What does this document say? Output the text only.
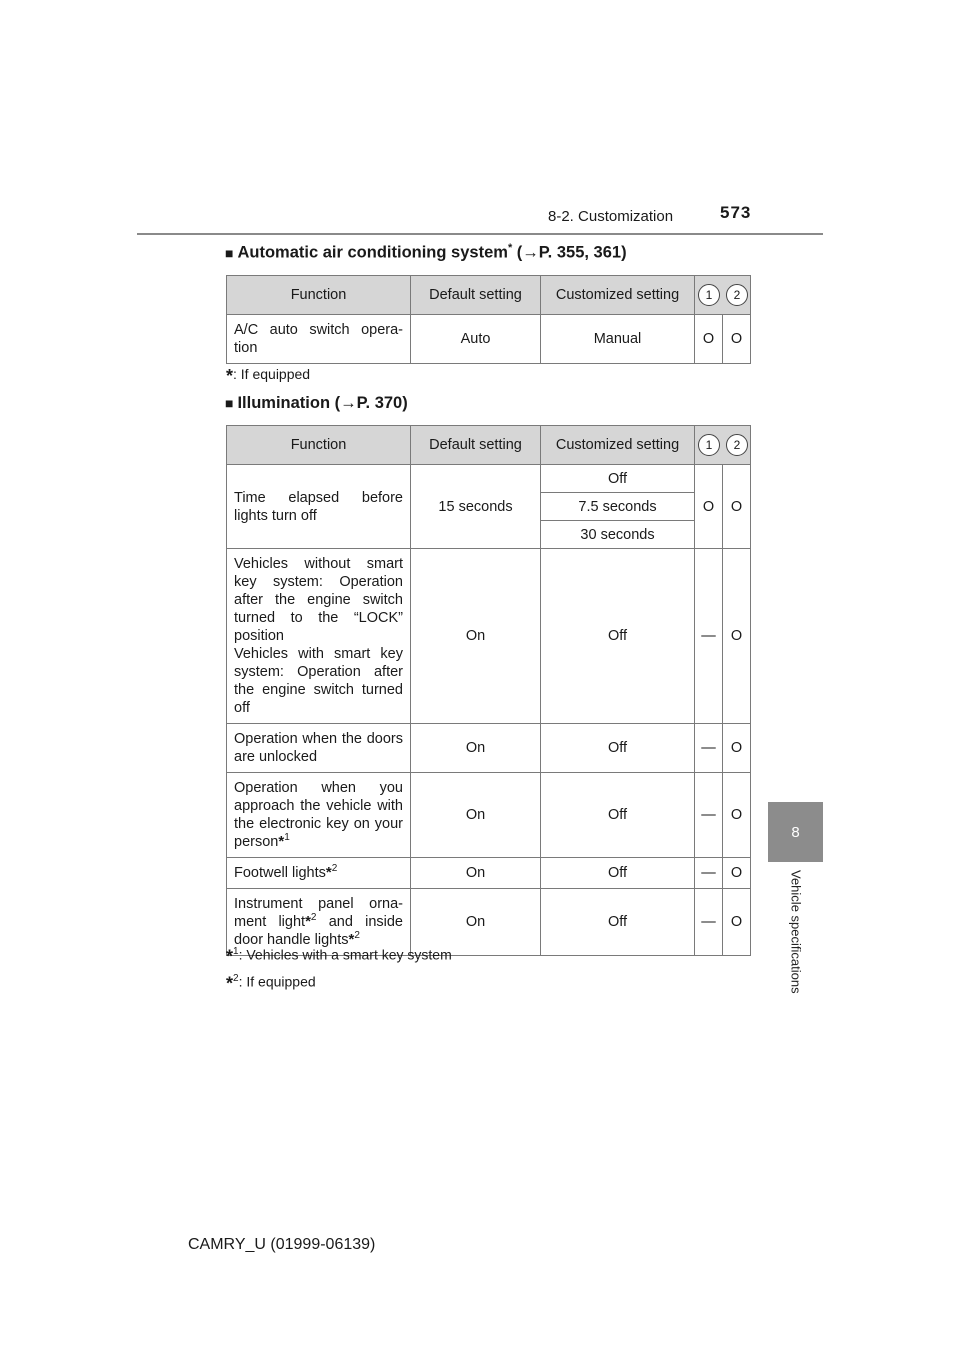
8-2. Customization	573
8
Vehicle specifications
■ Automatic air conditioning system* (→P. 355, 361)
Function	Default setting	Customized setting	1 2	

A/C auto switch opera-tion	Auto	Manual	O	O
*: If equipped
■ Illumination (→P. 370)
Function	Default setting	Customized setting	1 2	

Time elapsed before lights turn off	15 seconds	Off	O	O
		7.5 seconds		
		30 seconds		

Vehicles without smart key system: Operation after the engine switch turned to the “LOCK” position
Vehicles with smart key system: Operation after the engine switch turned off	On	Off	—	O
Operation when the doors are unlocked	On	Off	—	O
Operation when you approach the vehicle with the electronic key on your person*$^1$	On	Off	—	O
Footwell lights*$^2$	On	Off	—	O
Instrument panel orna-ment light*$^2$ and inside door handle lights*$^2$	On	Off	—	O
*$^1$: Vehicles with a smart key system
*$^2$: If equipped
CAMRY_U (01999-06139)
